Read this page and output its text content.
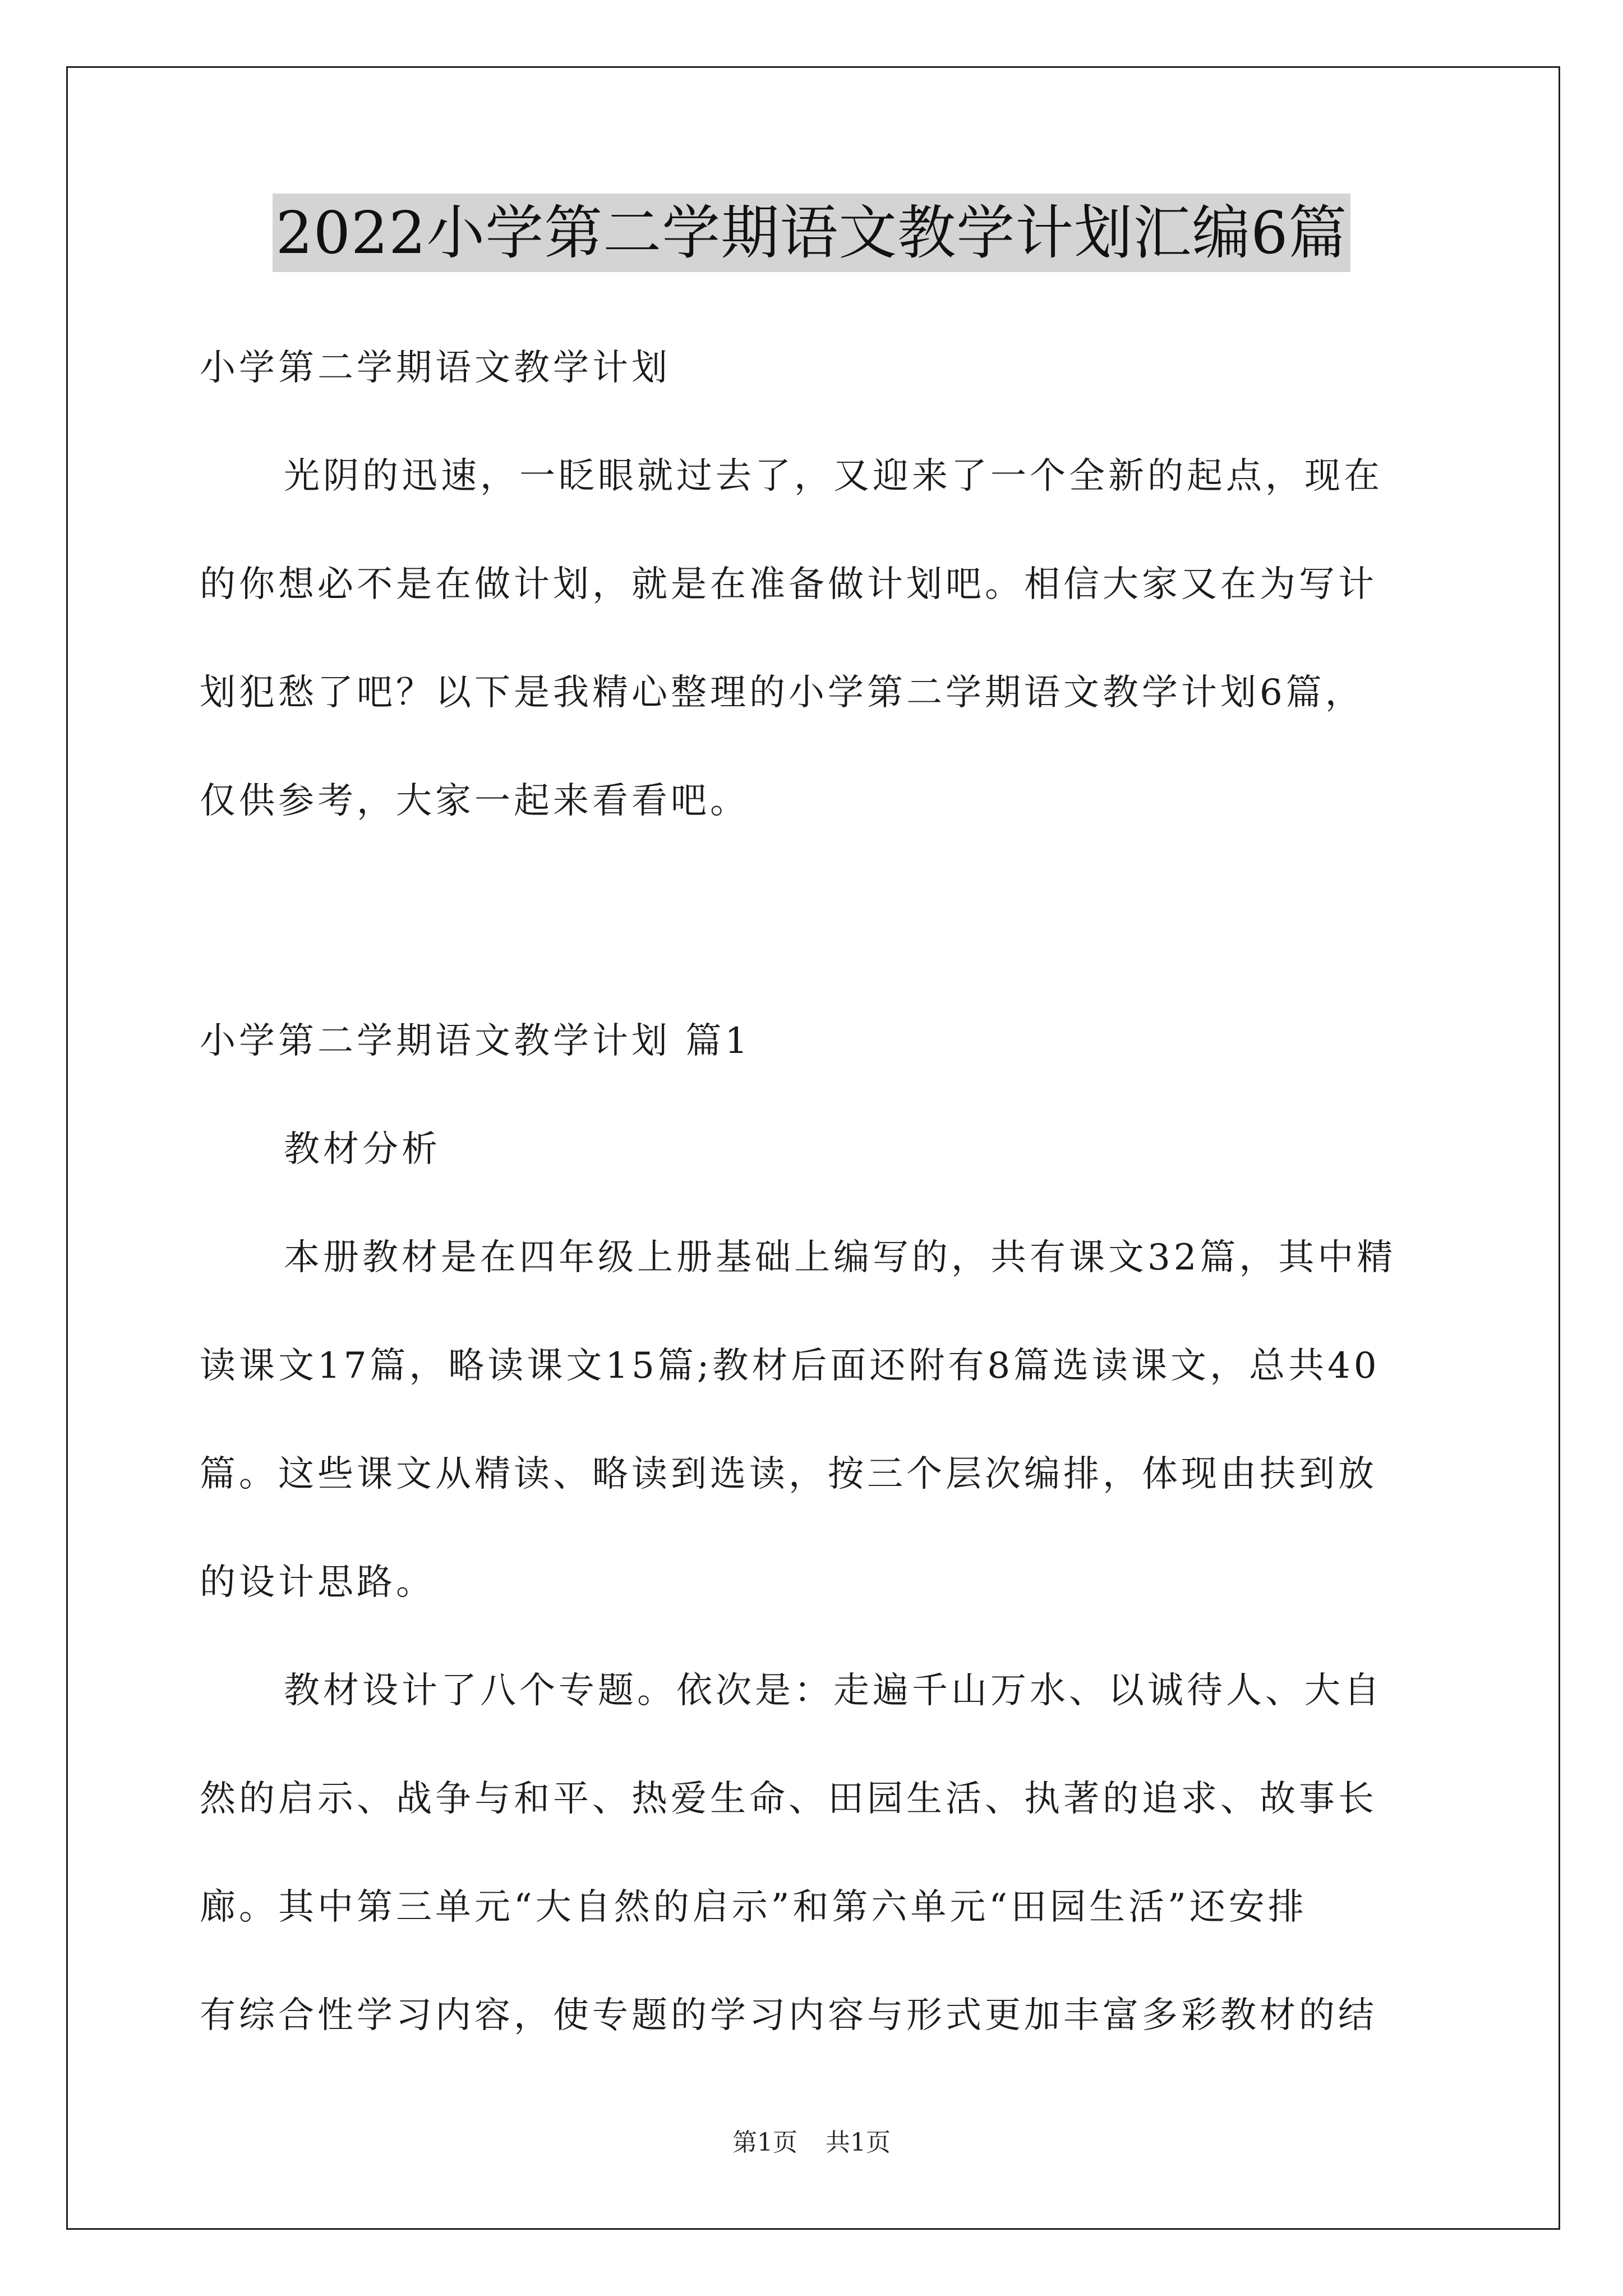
2022小学第二学期语文教学计划汇编6篇
小学第二学期语文教学计划
光阴的迅速，一眨眼就过去了，又迎来了一个全新的起点，现在
的你想必不是在做计划，就是在准备做计划吧。相信大家又在为写计
划犯愁了吧？以下是我精心整理的小学第二学期语文教学计划6篇，
仅供参考，大家一起来看看吧。
小学第二学期语文教学计划 篇1
教材分析
本册教材是在四年级上册基础上编写的，共有课文32篇，其中精
读课文17篇，略读课文15篇;教材后面还附有8篇选读课文，总共40
篇。这些课文从精读、略读到选读，按三个层次编排，体现由扶到放
的设计思路。
教材设计了八个专题。依次是：走遍千山万水、以诚待人、大自
然的启示、战争与和平、热爱生命、田园生活、执著的追求、故事长
廊。其中第三单元“大自然的启示”和第六单元“田园生活”还安排
有综合性学习内容，使专题的学习内容与形式更加丰富多彩教材的结
第1页 共1页
